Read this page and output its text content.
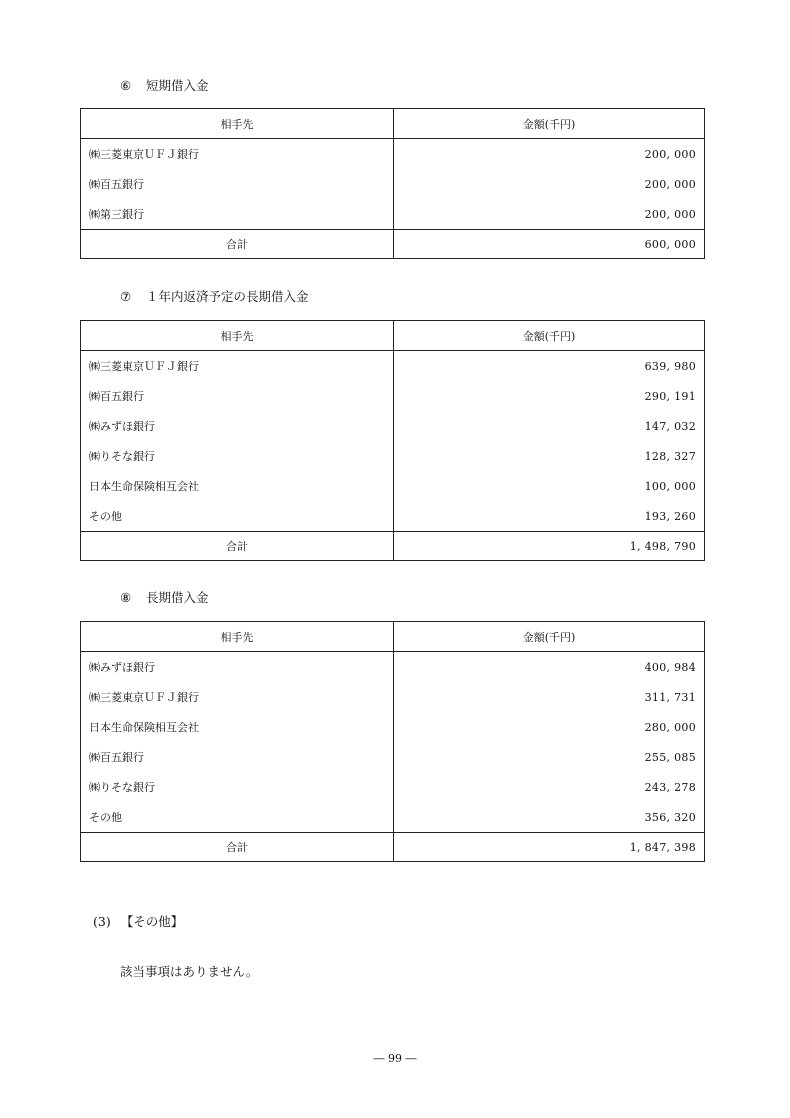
⑥ 短期借入金
相手先	金額(千円)
㈱三菱東京ＵＦＪ銀行	200, 000
㈱百五銀行	200, 000
㈱第三銀行	200, 000
合計	600, 000
⑦ １年内返済予定の長期借入金
相手先	金額(千円)
㈱三菱東京ＵＦＪ銀行	639, 980
㈱百五銀行	290, 191
㈱みずほ銀行	147, 032
㈱りそな銀行	128, 327
日本生命保険相互会社	100, 000
その他	193, 260
合計	1, 498, 790
⑧ 長期借入金
相手先	金額(千円)
㈱みずほ銀行	400, 984
㈱三菱東京ＵＦＪ銀行	311, 731
日本生命保険相互会社	280, 000
㈱百五銀行	255, 085
㈱りそな銀行	243, 278
その他	356, 320
合計	1, 847, 398
(3) 【その他】
該当事項はありません。
― 99 ―
